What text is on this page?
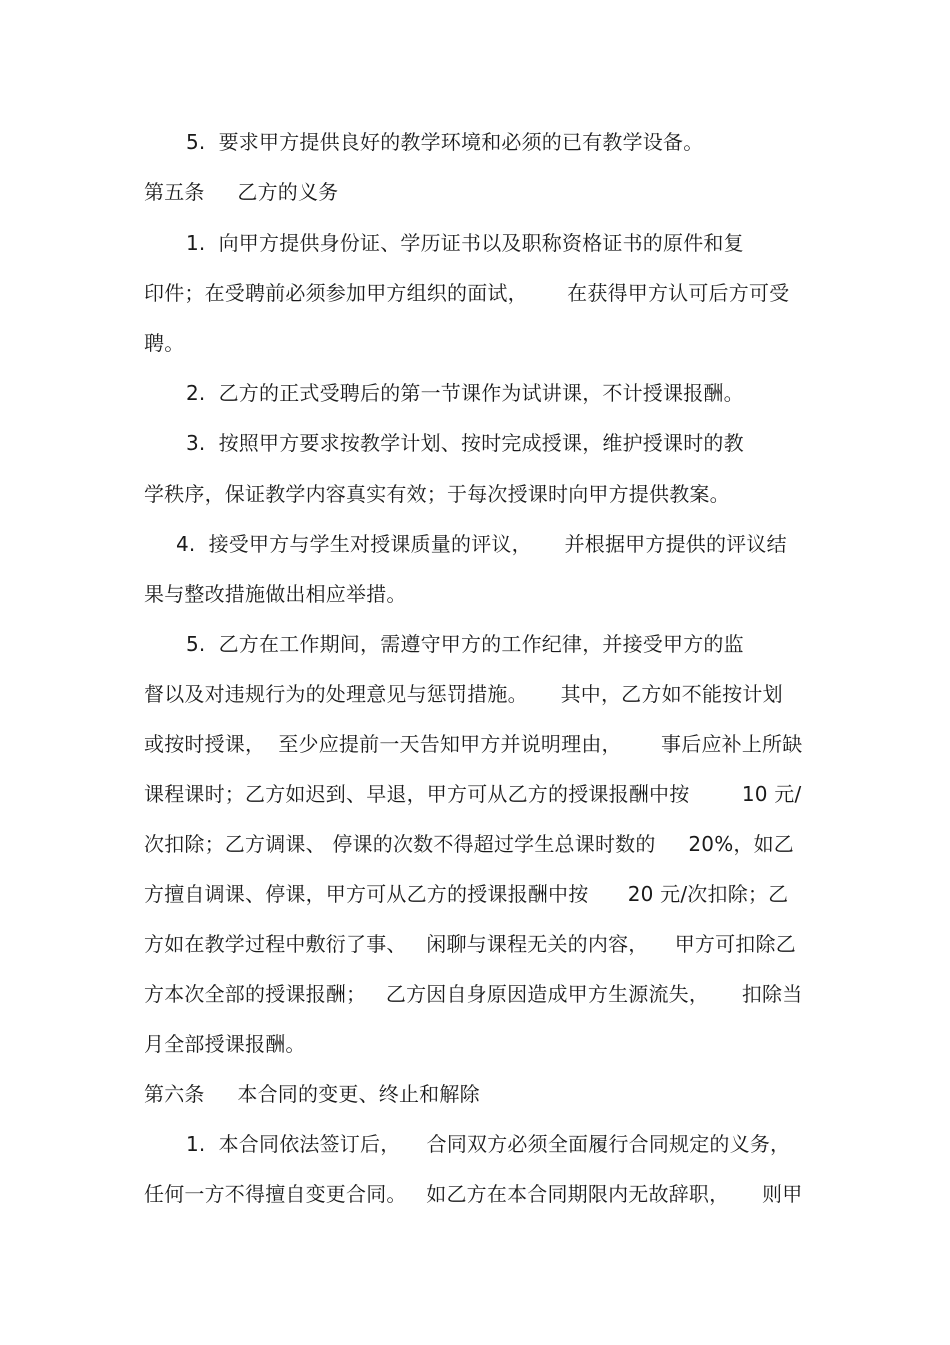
5.  要求甲方提供良好的教学环境和必须的已有教学设备。
第五条     乙方的义务
1.  向甲方提供身份证、学历证书以及职称资格证书的原件和复
印件；在受聘前必须参加甲方组织的面试，      在获得甲方认可后方可受
聘。
2.  乙方的正式受聘后的第一节课作为试讲课，不计授课报酬。
3.  按照甲方要求按教学计划、按时完成授课，维护授课时的教
学秩序，保证教学内容真实有效；于每次授课时向甲方提供教案。
4.  接受甲方与学生对授课质量的评议，     并根据甲方提供的评议结
果与整改措施做出相应举措。
5.  乙方在工作期间，需遵守甲方的工作纪律，并接受甲方的监
督以及对违规行为的处理意见与惩罚措施。     其中，乙方如不能按计划
或按时授课，  至少应提前一天告知甲方并说明理由，      事后应补上所缺
课程课时；乙方如迟到、早退，甲方可从乙方的授课报酬中按        10 元/
次扣除；乙方调课、 停课的次数不得超过学生总课时数的     20%，如乙
方擅自调课、停课，甲方可从乙方的授课报酬中按      20 元/次扣除；乙
方如在教学过程中敷衍了事、   闲聊与课程无关的内容，    甲方可扣除乙
方本次全部的授课报酬；   乙方因自身原因造成甲方生源流失，     扣除当
月全部授课报酬。
第六条     本合同的变更、终止和解除
1.  本合同依法签订后，    合同双方必须全面履行合同规定的义务，
任何一方不得擅自变更合同。   如乙方在本合同期限内无故辞职，     则甲
